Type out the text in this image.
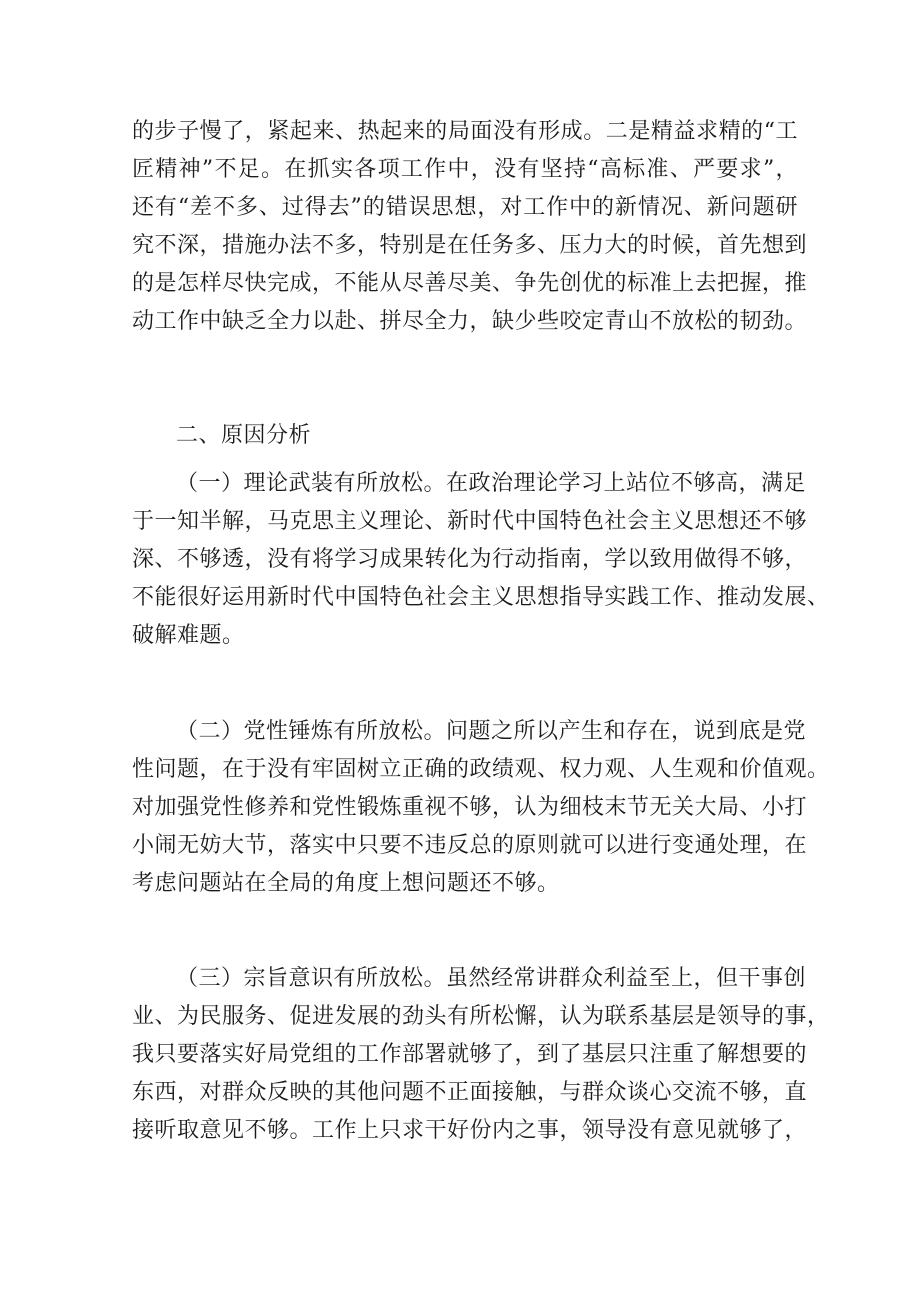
的步子慢了，紧起来、热起来的局面没有形成。二是精益求精的“工
匠精神”不足。在抓实各项工作中，没有坚持“高标准、严要求”，
还有“差不多、过得去”的错误思想，对工作中的新情况、新问题研
究不深，措施办法不多，特别是在任务多、压力大的时候，首先想到
的是怎样尽快完成，不能从尽善尽美、争先创优的标准上去把握，推
动工作中缺乏全力以赴、拼尽全力，缺少些咬定青山不放松的韧劲。
二、原因分析
（一）理论武装有所放松。在政治理论学习上站位不够高，满足
于一知半解，马克思主义理论、新时代中国特色社会主义思想还不够
深、不够透，没有将学习成果转化为行动指南，学以致用做得不够，
不能很好运用新时代中国特色社会主义思想指导实践工作、推动发展、
破解难题。
（二）党性锤炼有所放松。问题之所以产生和存在，说到底是党
性问题，在于没有牢固树立正确的政绩观、权力观、人生观和价值观。
对加强党性修养和党性锻炼重视不够，认为细枝末节无关大局、小打
小闹无妨大节，落实中只要不违反总的原则就可以进行变通处理，在
考虑问题站在全局的角度上想问题还不够。
（三）宗旨意识有所放松。虽然经常讲群众利益至上，但干事创
业、为民服务、促进发展的劲头有所松懈，认为联系基层是领导的事，
我只要落实好局党组的工作部署就够了，到了基层只注重了解想要的
东西，对群众反映的其他问题不正面接触，与群众谈心交流不够，直
接听取意见不够。工作上只求干好份内之事，领导没有意见就够了，
